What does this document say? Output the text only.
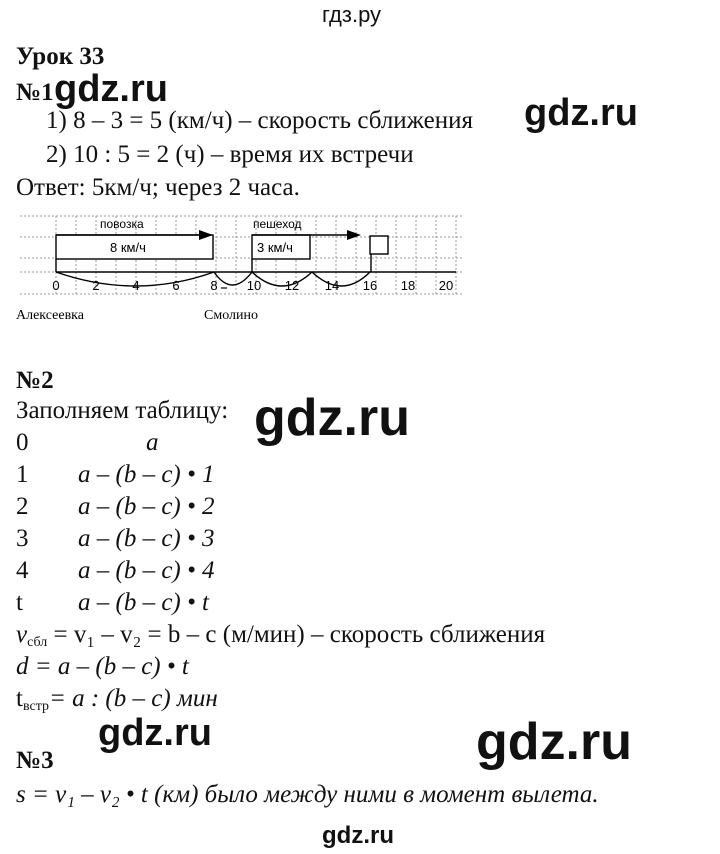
гдз.ру
Урок 33
№1 gdz.ru
1) 8 – 3 = 5 (км/ч) – скорость сближения gdz.ru
2) 10 : 5 = 2 (ч) – время их встречи
Ответ: 5км/ч; через 2 часа.
повозка	пешеход
8 км/ч	3 км/ч
0	2	4	6 8 10 12 14 16 18 20
Алексеевка	Смолино
№2
Заполняем таблицу: gdz.ru
0	a
1 a – (b – c) • 1
2 a – (b – c) • 2
3 a – (b – c) • 3
4 a – (b – c) • 4
t a – (b – c) • t
$v_{сбл} = v_1 - v_2 = b - c$ (м/мин) – скорость сближения
d = a – (b – c) • t
$t_{встр}= a$ : (b – c) мин
gdz.ru	gdz.ru
№3
s = v₁ – v₂ • t (км) было между ними в момент вылета.
gdz.ru
